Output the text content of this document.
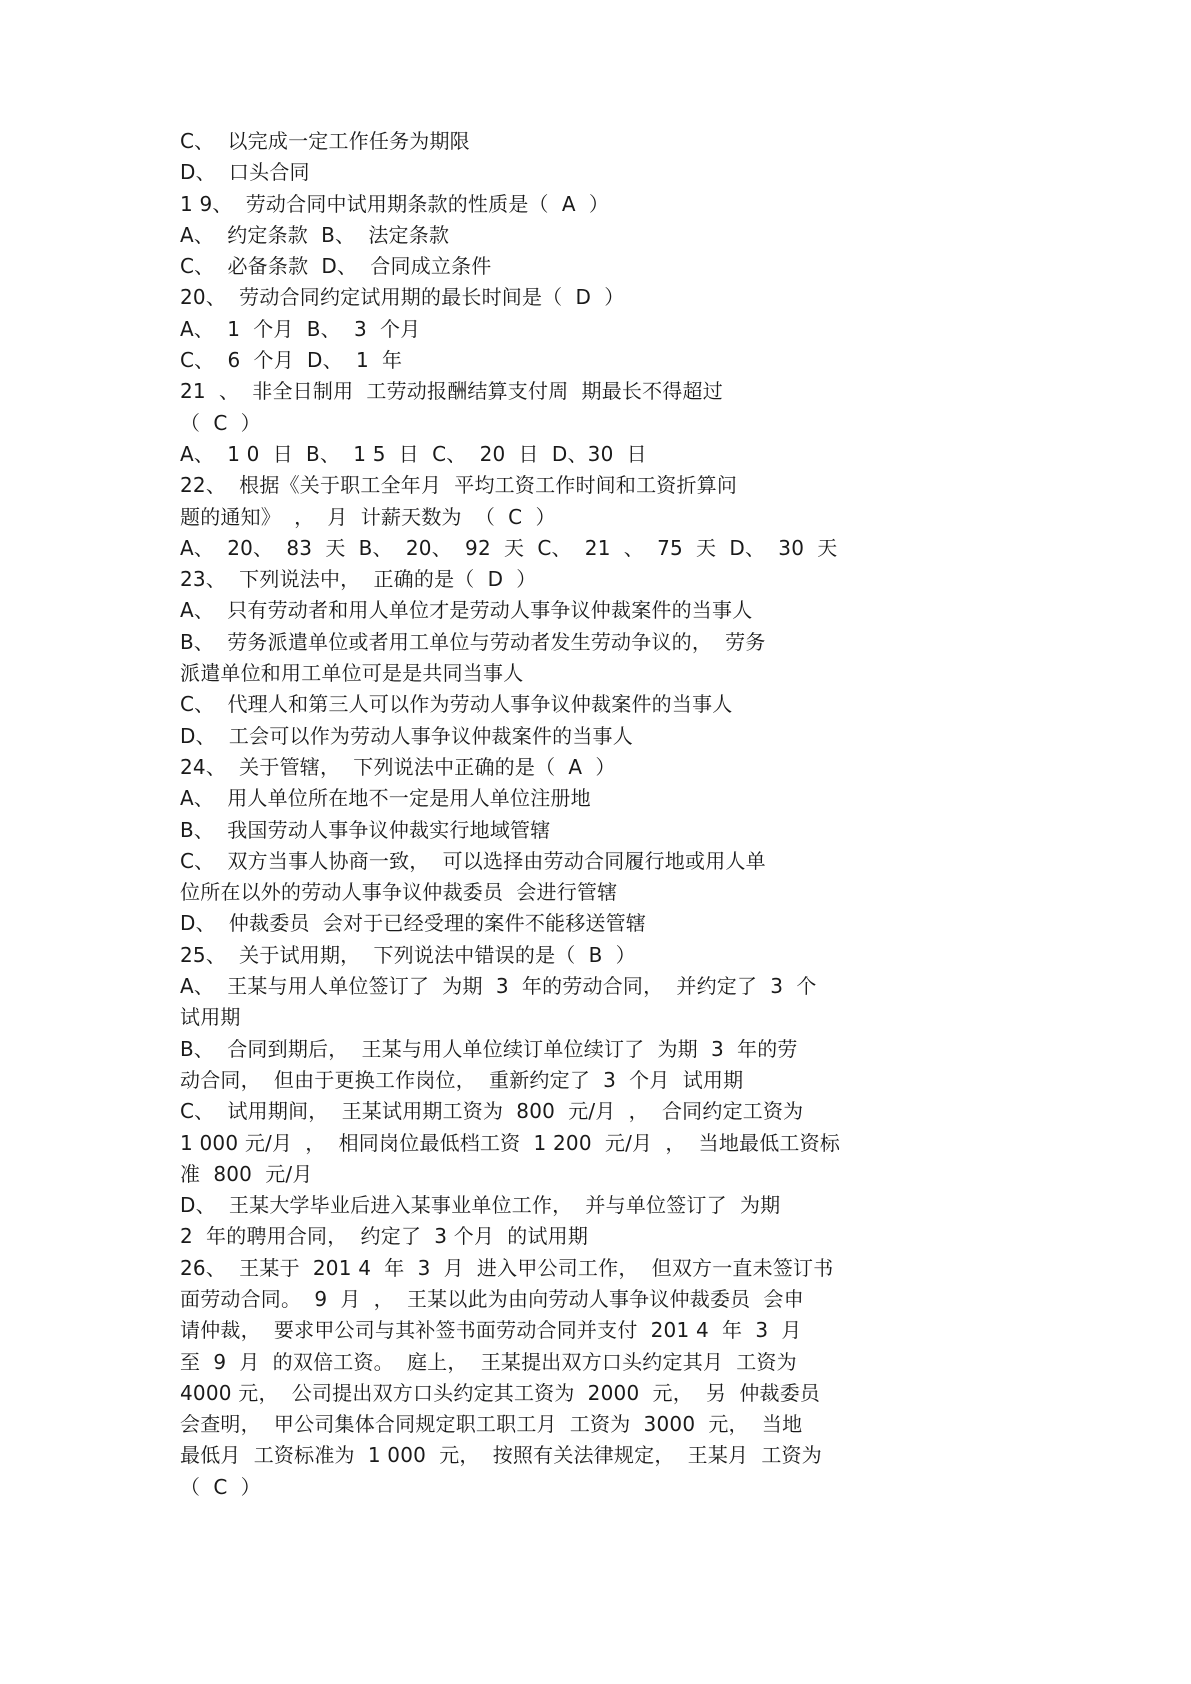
C、  以完成一定工作任务为期限
D、  口头合同
1 9、  劳动合同中试用期条款的性质是（  A  ）
A、  约定条款  B、  法定条款
C、  必备条款  D、  合同成立条件
20、  劳动合同约定试用期的最长时间是（  D  ）
A、  1  个月  B、  3  个月
C、  6  个月  D、  1  年
21  、  非全日制用  工劳动报酬结算支付周  期最长不得超过
（  C  ）
A、  1 0  日  B、  1 5  日  C、  20  日  D、30  日
22、  根据《关于职工全年月  平均工资工作时间和工资折算问
题的通知》  ，  月  计薪天数为  （  C  ）
A、  20、  83  天  B、  20、  92  天  C、  21  、  75  天  D、  30  天
23、  下列说法中，  正确的是（  D  ）
A、  只有劳动者和用人单位才是劳动人事争议仲裁案件的当事人
B、  劳务派遣单位或者用工单位与劳动者发生劳动争议的，  劳务
派遣单位和用工单位可是是共同当事人
C、  代理人和第三人可以作为劳动人事争议仲裁案件的当事人
D、  工会可以作为劳动人事争议仲裁案件的当事人
24、  关于管辖，  下列说法中正确的是（  A  ）
A、  用人单位所在地不一定是用人单位注册地
B、  我国劳动人事争议仲裁实行地域管辖
C、  双方当事人协商一致，  可以选择由劳动合同履行地或用人单
位所在以外的劳动人事争议仲裁委员  会进行管辖
D、  仲裁委员  会对于已经受理的案件不能移送管辖
25、  关于试用期，  下列说法中错误的是（  B  ）
A、  王某与用人单位签订了  为期  3  年的劳动合同，  并约定了  3  个
试用期
B、  合同到期后，  王某与用人单位续订单位续订了  为期  3  年的劳
动合同，  但由于更换工作岗位，  重新约定了  3  个月  试用期
C、  试用期间，  王某试用期工资为  800  元/月  ，  合同约定工资为
1 000 元/月  ，  相同岗位最低档工资  1 200  元/月  ，  当地最低工资标
准  800  元/月
D、  王某大学毕业后进入某事业单位工作，  并与单位签订了  为期
2  年的聘用合同，  约定了  3 个月  的试用期
26、  王某于  201 4  年  3  月  进入甲公司工作，  但双方一直未签订书
面劳动合同。  9  月  ，  王某以此为由向劳动人事争议仲裁委员  会申
请仲裁，  要求甲公司与其补签书面劳动合同并支付  201 4  年  3  月
至  9  月  的双倍工资。  庭上，  王某提出双方口头约定其月  工资为
4000 元，  公司提出双方口头约定其工资为  2000  元，  另  仲裁委员
会查明，  甲公司集体合同规定职工职工月  工资为  3000  元，  当地
最低月  工资标准为  1 000  元，  按照有关法律规定，  王某月  工资为
（  C  ）
